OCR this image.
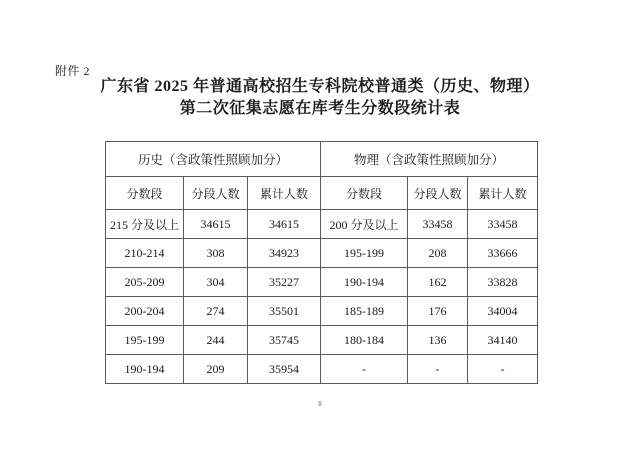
附件 2
广东省 2025 年普通高校招生专科院校普通类（历史、物理）
第二次征集志愿在库考生分数段统计表
历史（含政策性照顾加分）			物理（含政策性照顾加分）		
分数段	分段人数	累计人数	分数段	分段人数	累计人数
215 分及以上	34615	34615	200 分及以上	33458	33458
210-214	308	34923	195-199	208	33666
205-209	304	35227	190-194	162	33828
200-204	274	35501	185-189	176	34004
195-199	244	35745	180-184	136	34140
190-194	209	35954	-	-	-
8
